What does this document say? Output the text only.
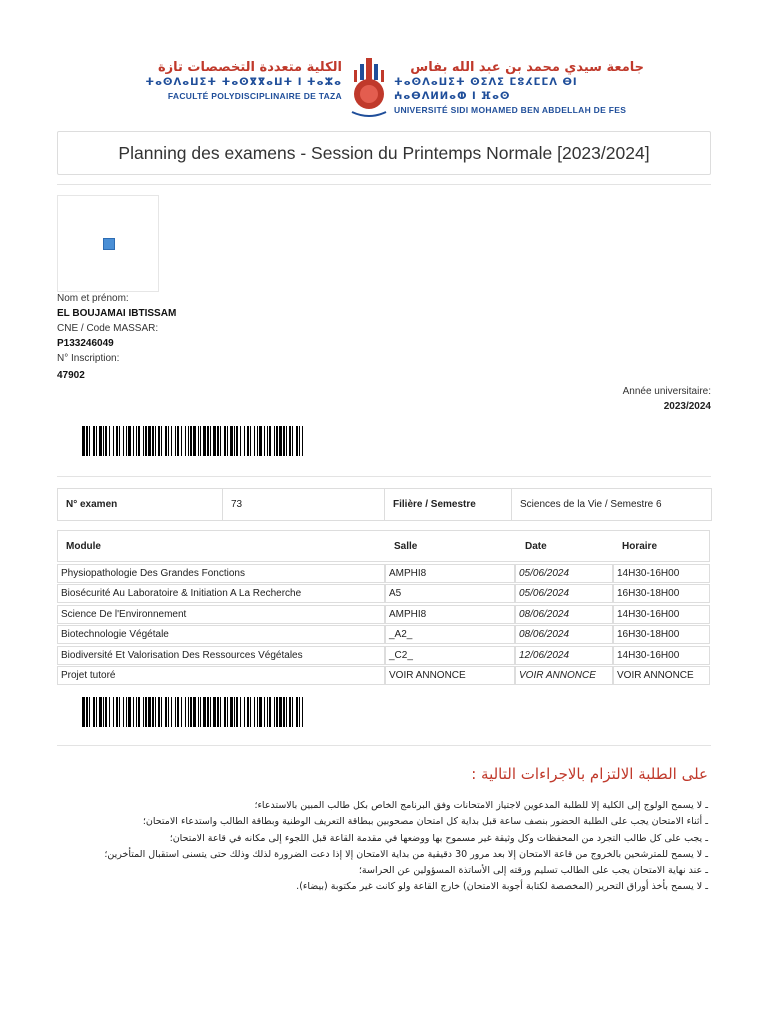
الكلية متعددة التخصصات تازة
ⵜⴰⵙⴷⴰⵡⵉⵜ ⵜⴰⵙⴳⴳⴰⵡⵜ ⵏ ⵜⴰⵣⴰ
FACULTÉ POLYDISCIPLINAIRE DE TAZA
جامعة سيدي محمد بن عبد الله بفاس
ⵜⴰⵙⴷⴰⵡⵉⵜ ⵙⵉⴷⵉ ⵎⵓⵃⵎⵎⴷ ⴱⵏ ⵄⴰⴱⴷⵍⵍⴰⵀ ⵏ ⴼⴰⵙ
UNIVERSITÉ SIDI MOHAMED BEN ABDELLAH DE FES
Planning des examens - Session du Printemps Normale [2023/2024]
Nom et prénom:
EL BOUJAMAI IBTISSAM
CNE / Code MASSAR:
P133246049
N° Inscription:
47902
Année universitaire:
2023/2024
N° examen	73	Filière / Semestre	Sciences de la Vie / Semestre 6
Module	Salle	Date	Horaire
Physiopathologie Des Grandes Fonctions	AMPHI8	05/06/2024	14H30-16H00
Biosécurité Au Laboratoire & Initiation A La Recherche	A5	05/06/2024	16H30-18H00
Science De l'Environnement	AMPHI8	08/06/2024	14H30-16H00
Biotechnologie Végétale	_A2_	08/06/2024	16H30-18H00
Biodiversité Et Valorisation Des Ressources Végétales	_C2_	12/06/2024	14H30-16H00
Projet tutoré	VOIR ANNONCE	VOIR ANNONCE	VOIR ANNONCE
على الطلبة الالتزام بالاجراءات التالية :
ـ لا يسمح الولوج إلى الكلية إلا للطلبة المدعوين لاجتياز الامتحانات وفق البرنامج الخاص بكل طالب المبين بالاستدعاء؛
ـ أثناء الامتحان يجب على الطلبة الحضور بنصف ساعة قبل بداية كل امتحان مصحوبين ببطاقة التعريف الوطنية وبطاقة الطالب واستدعاء الامتحان؛
ـ يجب على كل طالب التجرد من المحفظات وكل وثيقة غير مسموح بها ووضعها في مقدمة القاعة قبل اللجوء إلى مكانه في قاعة الامتحان؛
ـ لا يسمح للمترشحين بالخروج من قاعة الامتحان إلا بعد مرور 30 دقيقية من بداية الامتحان إلا إذا دعت الضرورة لذلك وذلك حتى يتسنى استقبال المتأخرين؛
ـ عند نهاية الامتحان يجب على الطالب تسليم ورقته إلى الأساتذة المسؤولين عن الحراسة؛
ـ لا يسمح بأخذ أوراق التحرير (المخصصة لكتابة أجوبة الامتحان) خارج القاعة ولو كانت غير مكتوبة (بيضاء).
